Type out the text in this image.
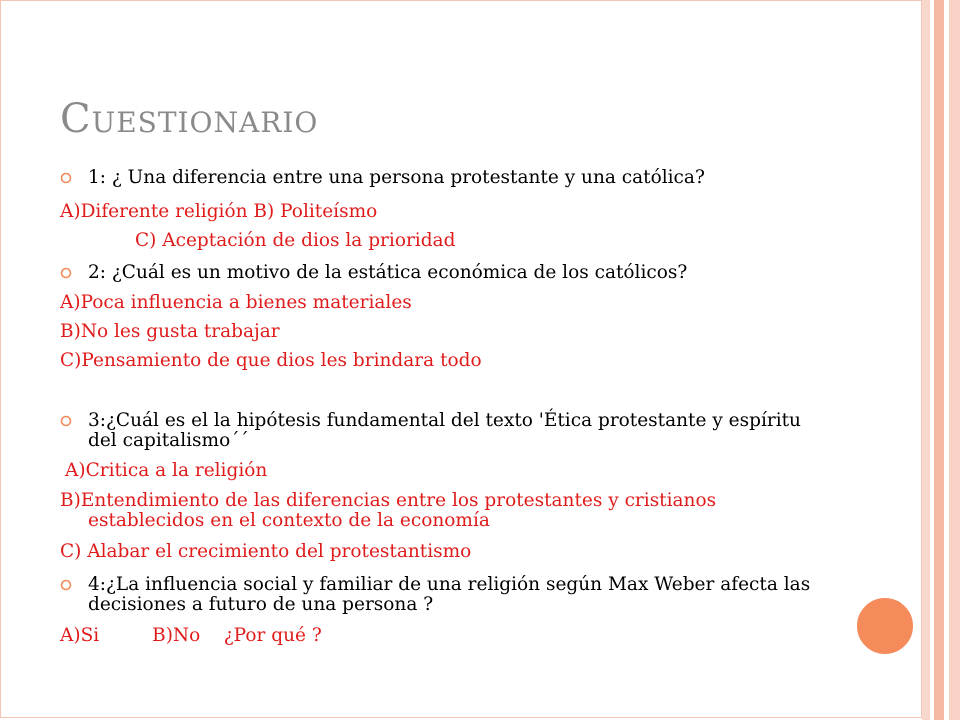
Cuestionario
1: ¿ Una diferencia entre una persona protestante y una católica?
A)Diferente religión B) Politeísmo
C) Aceptación de dios la prioridad
2: ¿Cuál es un motivo de la estática económica de los católicos?
A)Poca influencia a bienes materiales
B)No les gusta trabajar
C)Pensamiento de que dios les brindara todo
3:¿Cuál es el la hipótesis fundamental del texto 'Ética protestante y espíritu del capitalismo´´
A)Critica a la religión
B)Entendimiento de las diferencias entre los protestantes y cristianos establecidos en el contexto de la economía
C) Alabar el crecimiento del protestantismo
4:¿La influencia social y familiar de una religión según Max Weber afecta las decisiones a futuro de una persona ?
A)Si         B)No    ¿Por qué ?
